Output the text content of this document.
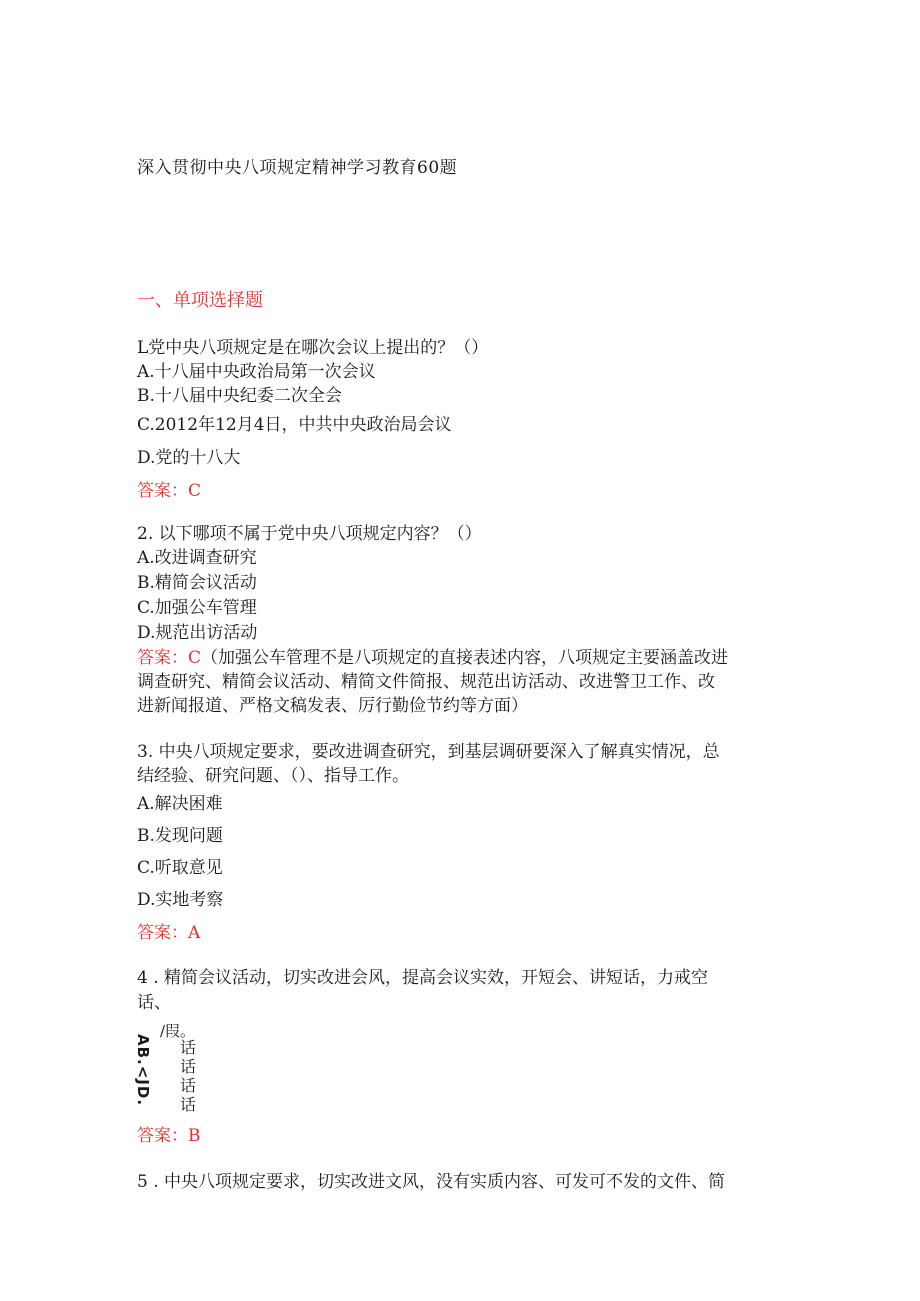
深入贯彻中央八项规定精神学习教育60题
一、单项选择题
L党中央八项规定是在哪次会议上提出的？（）
A.十八届中央政治局第一次会议
B.十八届中央纪委二次全会
C.2012年12月4日，中共中央政治局会议
D.党的十八大
答案：C
2. 以下哪项不属于党中央八项规定内容？（）
A.改进调查研究
B.精简会议活动
C.加强公车管理
D.规范出访活动
答案：C（加强公车管理不是八项规定的直接表述内容，八项规定主要涵盖改进
调查研究、精简会议活动、精简文件简报、规范出访活动、改进警卫工作、改
进新闻报道、严格文稿发表、厉行勤俭节约等方面）
3. 中央八项规定要求，要改进调查研究，到基层调研要深入了解真实情况，总
结经验、研究问题、（）、指导工作。
A.解决困难
B.发现问题
C.听取意见
D.实地考察
答案：A
4 . 精简会议活动，切实改进会风，提高会议实效，开短会、讲短话，力戒空
话、
AB.<JD.
/叚。
话
话
话
话
答案：B
5 . 中央八项规定要求，切实改进文风，没有实质内容、可发可不发的文件、简
